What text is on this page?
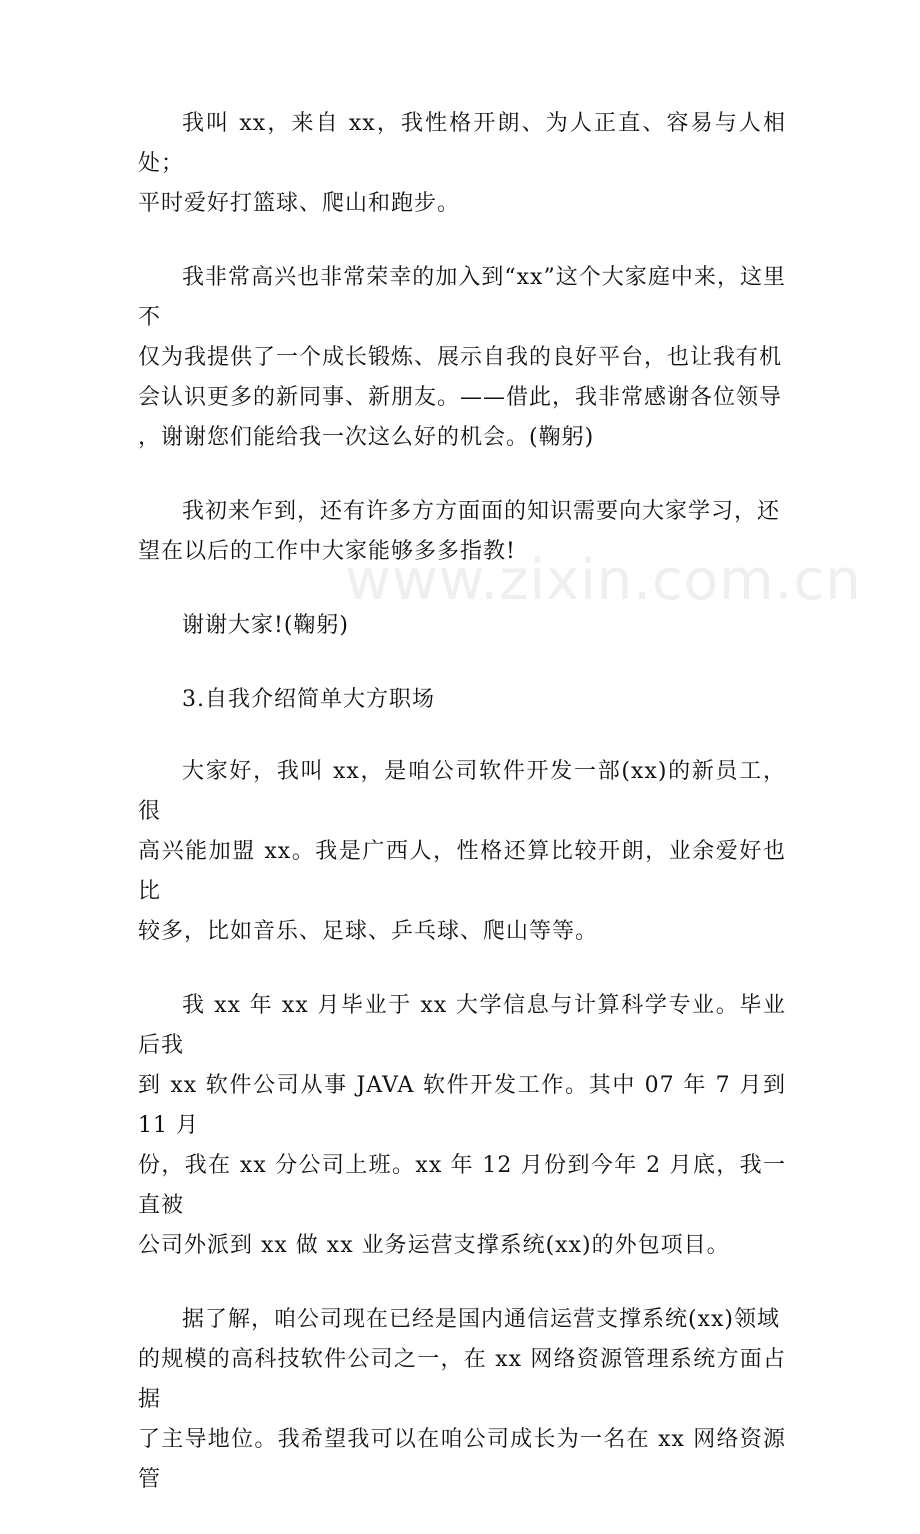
我叫 xx，来自 xx，我性格开朗、为人正直、容易与人相处；
平时爱好打篮球、爬山和跑步。

我非常高兴也非常荣幸的加入到“xx”这个大家庭中来，这里不
仅为我提供了一个成长锻炼、展示自我的良好平台，也让我有机
会认识更多的新同事、新朋友。——借此，我非常感谢各位领导
，谢谢您们能给我一次这么好的机会。(鞠躬)

我初来乍到，还有许多方方面面的知识需要向大家学习，还
望在以后的工作中大家能够多多指教!

谢谢大家!(鞠躬)

3.自我介绍简单大方职场

大家好，我叫 xx，是咱公司软件开发一部(xx)的新员工，很
高兴能加盟 xx。我是广西人，性格还算比较开朗，业余爱好也比
较多，比如音乐、足球、乒乓球、爬山等等。

我 xx 年 xx 月毕业于 xx 大学信息与计算科学专业。毕业后我
到 xx 软件公司从事 JAVA 软件开发工作。其中 07 年 7 月到 11 月
份，我在 xx 分公司上班。xx 年 12 月份到今年 2 月底，我一直被
公司外派到 xx 做 xx 业务运营支撑系统(xx)的外包项目。

据了解，咱公司现在已经是国内通信运营支撑系统(xx)领域
的规模的高科技软件公司之一，在 xx 网络资源管理系统方面占据
了主导地位。我希望我可以在咱公司成长为一名在 xx 网络资源管

www.zixin.com.cn
